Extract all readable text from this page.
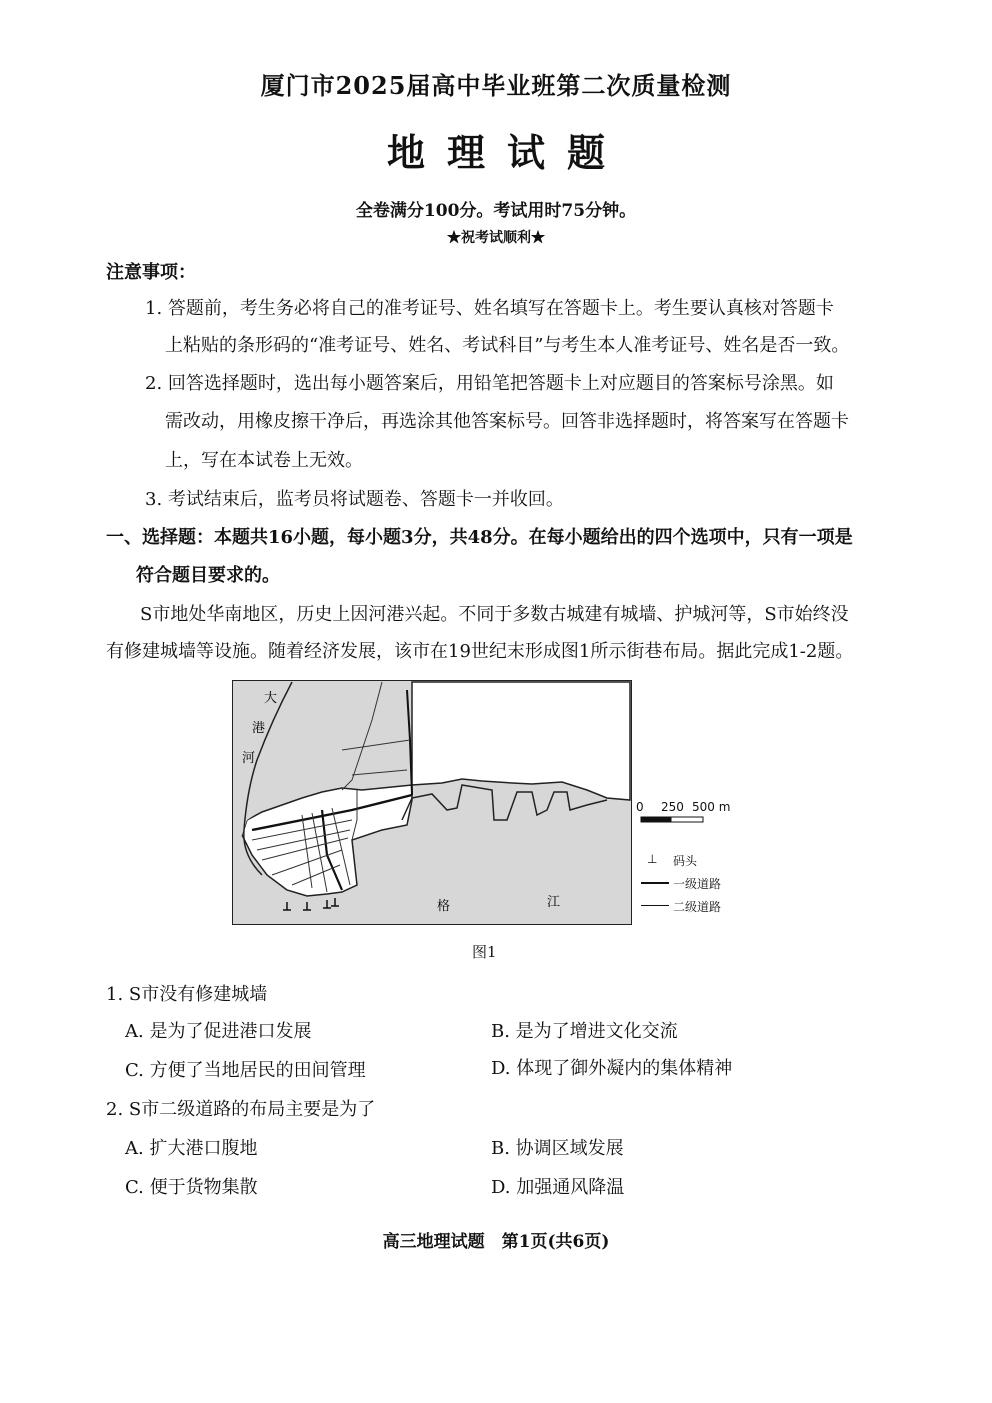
厦门市2025届高中毕业班第二次质量检测
地理试题
全卷满分100分。考试用时75分钟。
★祝考试顺利★
注意事项：
1. 答题前，考生务必将自己的准考证号、姓名填写在答题卡上。考生要认真核对答题卡
上粘贴的条形码的“准考证号、姓名、考试科目”与考生本人准考证号、姓名是否一致。
2. 回答选择题时，选出每小题答案后，用铅笔把答题卡上对应题目的答案标号涂黑。如
需改动，用橡皮擦干净后，再选涂其他答案标号。回答非选择题时，将答案写在答题卡
上，写在本试卷上无效。
3. 考试结束后，监考员将试题卷、答题卡一并收回。
一、选择题：本题共16小题，每小题3分，共48分。在每小题给出的四个选项中，只有一项是
符合题目要求的。
S市地处华南地区，历史上因河港兴起。不同于多数古城建有城墙、护城河等，S市始终没
有修建城墙等设施。随着经济发展，该市在19世纪末形成图1所示街巷布局。据此完成1-2题。
大
港
河
格	江
0 250 500 m
⊥ 码头
一级道路
二级道路
图1
1. S市没有修建城墙
A. 是为了促进港口发展	B. 是为了增进文化交流
C. 方便了当地居民的田间管理	D. 体现了御外凝内的集体精神
2. S市二级道路的布局主要是为了
A. 扩大港口腹地	B. 协调区域发展
C. 便于货物集散	D. 加强通风降温
高三地理试题　第1页(共6页)
